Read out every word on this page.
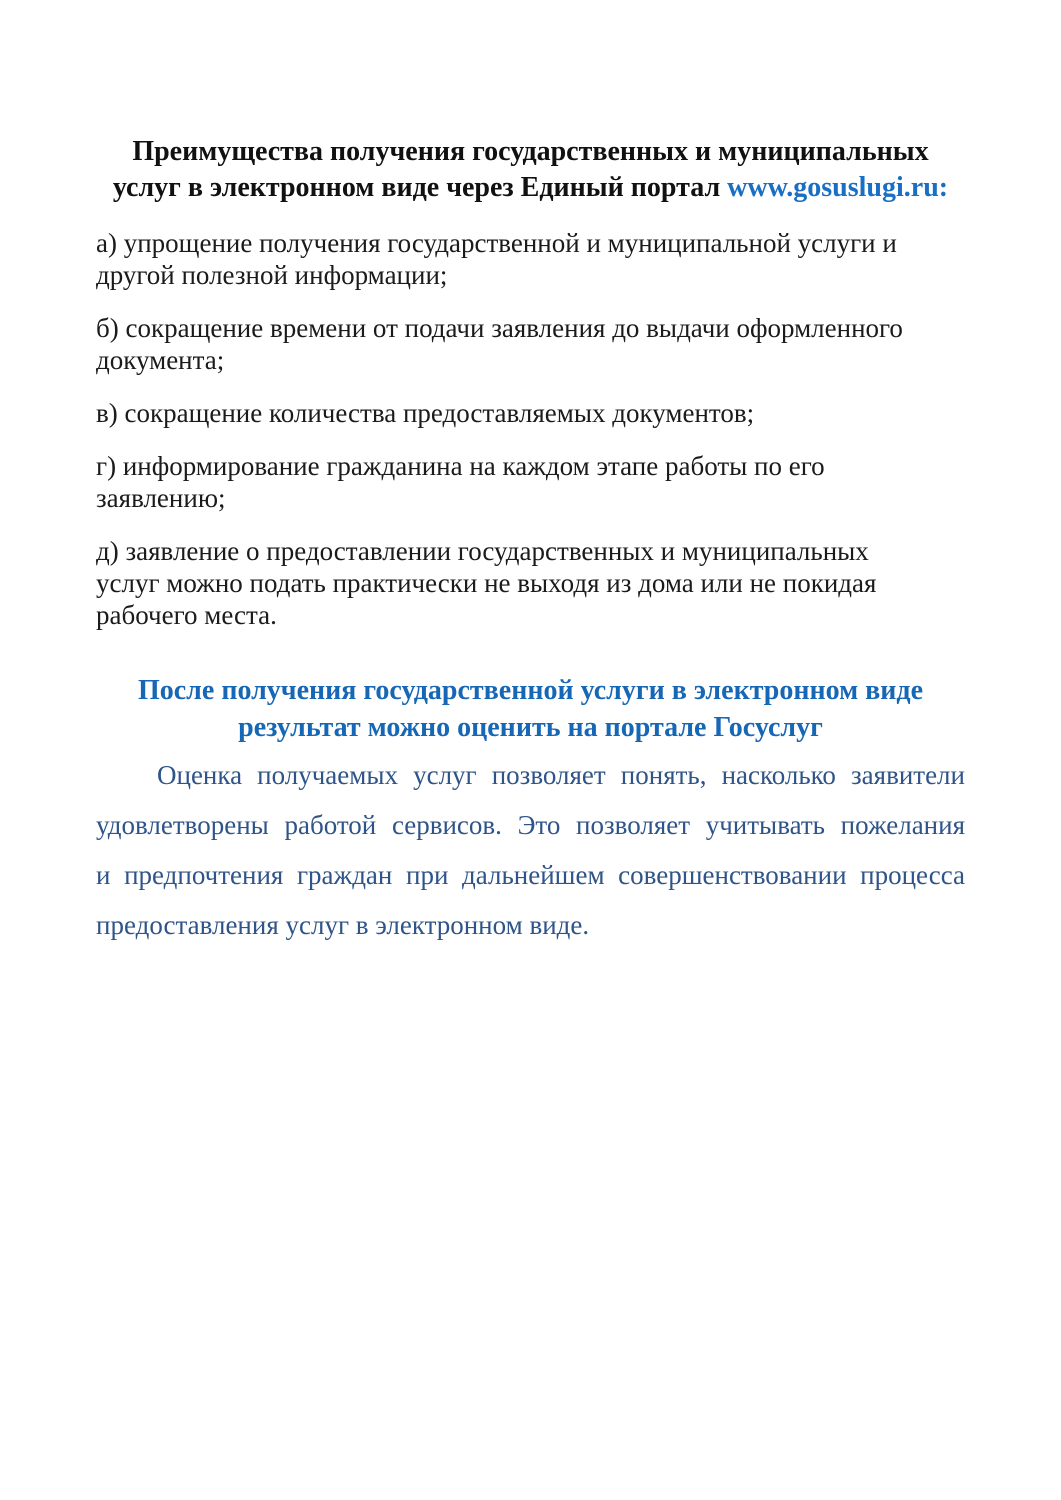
Преимущества получения государственных и муниципальных
услуг в электронном виде через Единый портал www.gosuslugi.ru:
а) упрощение получения государственной и муниципальной услуги и
другой полезной информации;
б) сокращение времени от подачи заявления до выдачи оформленного
документа;
в) сокращение количества предоставляемых документов;
г) информирование гражданина на каждом этапе работы по его
заявлению;
д) заявление о предоставлении государственных и муниципальных
услуг можно подать практически не выходя из дома или не покидая
рабочего места.
После получения государственной услуги в электронном виде
результат можно оценить на портале Госуслуг
Оценка получаемых услуг позволяет понять, насколько заявители
удовлетворены работой сервисов. Это позволяет учитывать пожелания
и предпочтения граждан при дальнейшем совершенствовании процесса
предоставления услуг в электронном виде.
